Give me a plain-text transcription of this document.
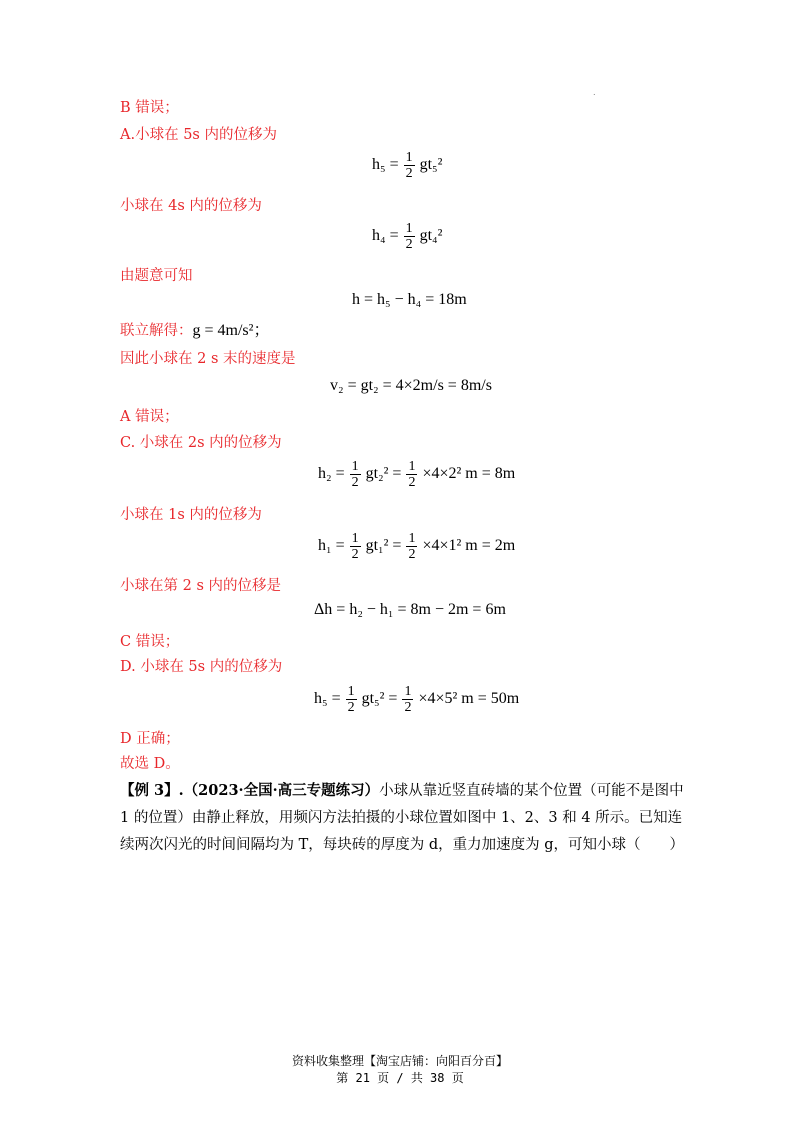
.
B 错误；
A.小球在 5s 内的位移为
$h_5 = \frac{1}{2} gt_5^2$
小球在 4s 内的位移为
$h_4 = \frac{1}{2} gt_4^2$
由题意可知
h = h₅ − h₄ = 18m
联立解得：g = 4m/s²；
因此小球在 2 s 末的速度是
v₂ = gt₂ = 4×2m/s = 8m/s
A 错误；
C. 小球在 2s 内的位移为
$h_2 = \frac{1}{2} gt_2^2 = \frac{1}{2} \times 4\times 2^2$ m = 8m
小球在 1s 内的位移为
$h_1 = \frac{1}{2} gt_1^2 = \frac{1}{2} \times 4\times 1^2$ m = 2m
小球在第 2 s 内的位移是
Δh = h₂ − h₁ = 8m − 2m = 6m
C 错误；
D. 小球在 5s 内的位移为
$h_5 = \frac{1}{2} gt_5^2 = \frac{1}{2} \times 4\times 5^2$ m = 50m
D 正确；
故选 D。
【例 3】.（2023·全国·高三专题练习）小球从靠近竖直砖墙的某个位置（可能不是图中 1 的位置）由静止释放，用频闪方法拍摄的小球位置如图中 1、2、3 和 4 所示。已知连续两次闪光的时间间隔均为 T，每块砖的厚度为 d，重力加速度为 g，可知小球（　　）
资料收集整理【淘宝店铺：向阳百分百】
第 21 页 / 共 38 页
